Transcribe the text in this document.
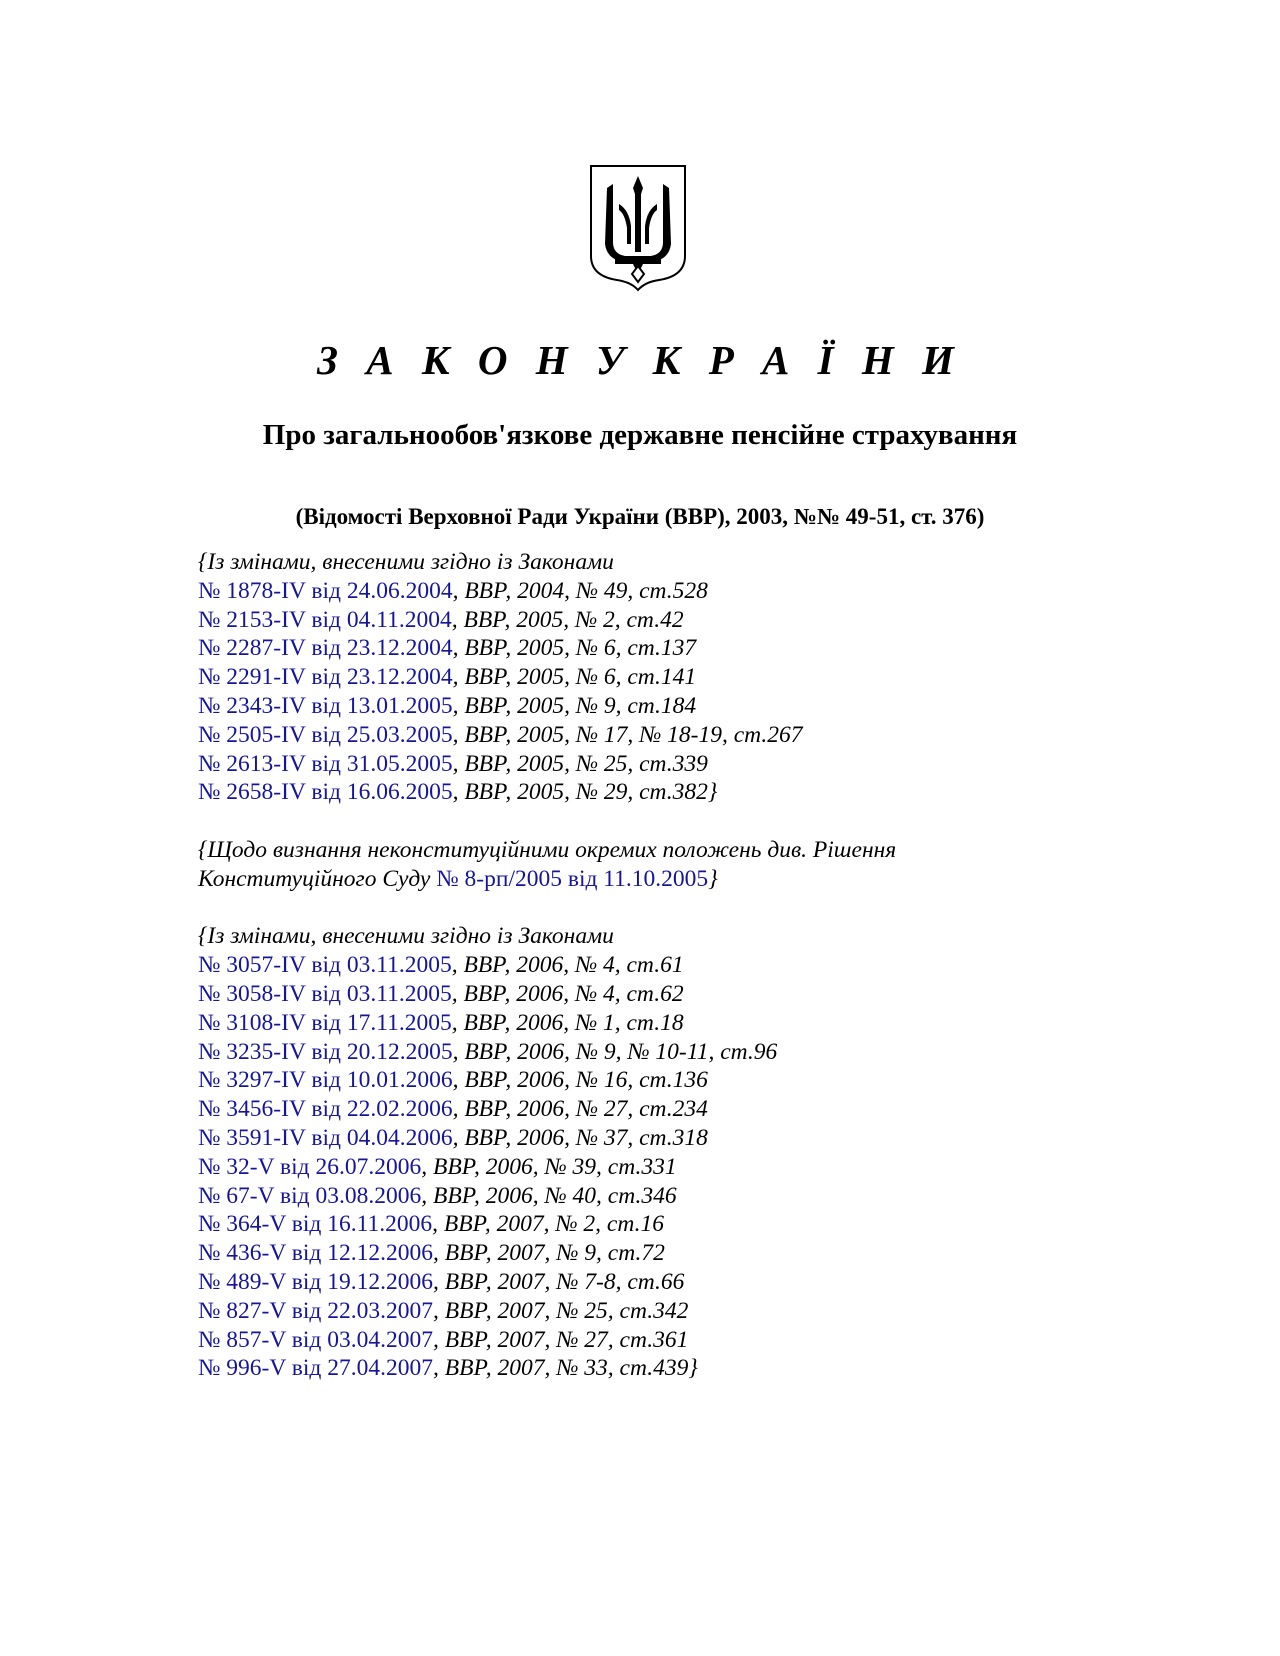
З А К О Н У К Р А Ї Н И
Про загальнообов'язкове державне пенсійне страхування

(Відомості Верховної Ради України (ВВР), 2003, №№ 49-51, ст. 376)

{Із змінами, внесеними згідно із Законами
№ 1878-IV від 24.06.2004, ВВР, 2004, № 49, ст.528
№ 2153-IV від 04.11.2004, ВВР, 2005, № 2, ст.42
№ 2287-IV від 23.12.2004, ВВР, 2005, № 6, ст.137
№ 2291-IV від 23.12.2004, ВВР, 2005, № 6, ст.141
№ 2343-IV від 13.01.2005, ВВР, 2005, № 9, ст.184
№ 2505-IV від 25.03.2005, ВВР, 2005, № 17, № 18-19, ст.267
№ 2613-IV від 31.05.2005, ВВР, 2005, № 25, ст.339
№ 2658-IV від 16.06.2005, ВВР, 2005, № 29, ст.382}
{Щодо визнання неконституційними окремих положень див. Рішення
Конституційного Суду № 8-рп/2005 від 11.10.2005}
{Із змінами, внесеними згідно із Законами
№ 3057-IV від 03.11.2005, ВВР, 2006, № 4, ст.61
№ 3058-IV від 03.11.2005, ВВР, 2006, № 4, ст.62
№ 3108-IV від 17.11.2005, ВВР, 2006, № 1, ст.18
№ 3235-IV від 20.12.2005, ВВР, 2006, № 9, № 10-11, ст.96
№ 3297-IV від 10.01.2006, ВВР, 2006, № 16, ст.136
№ 3456-IV від 22.02.2006, ВВР, 2006, № 27, ст.234
№ 3591-IV від 04.04.2006, ВВР, 2006, № 37, ст.318
№ 32-V від 26.07.2006, ВВР, 2006, № 39, ст.331
№ 67-V від 03.08.2006, ВВР, 2006, № 40, ст.346
№ 364-V від 16.11.2006, ВВР, 2007, № 2, ст.16
№ 436-V від 12.12.2006, ВВР, 2007, № 9, ст.72
№ 489-V від 19.12.2006, ВВР, 2007, № 7-8, ст.66
№ 827-V від 22.03.2007, ВВР, 2007, № 25, ст.342
№ 857-V від 03.04.2007, ВВР, 2007, № 27, ст.361
№ 996-V від 27.04.2007, ВВР, 2007, № 33, ст.439}
